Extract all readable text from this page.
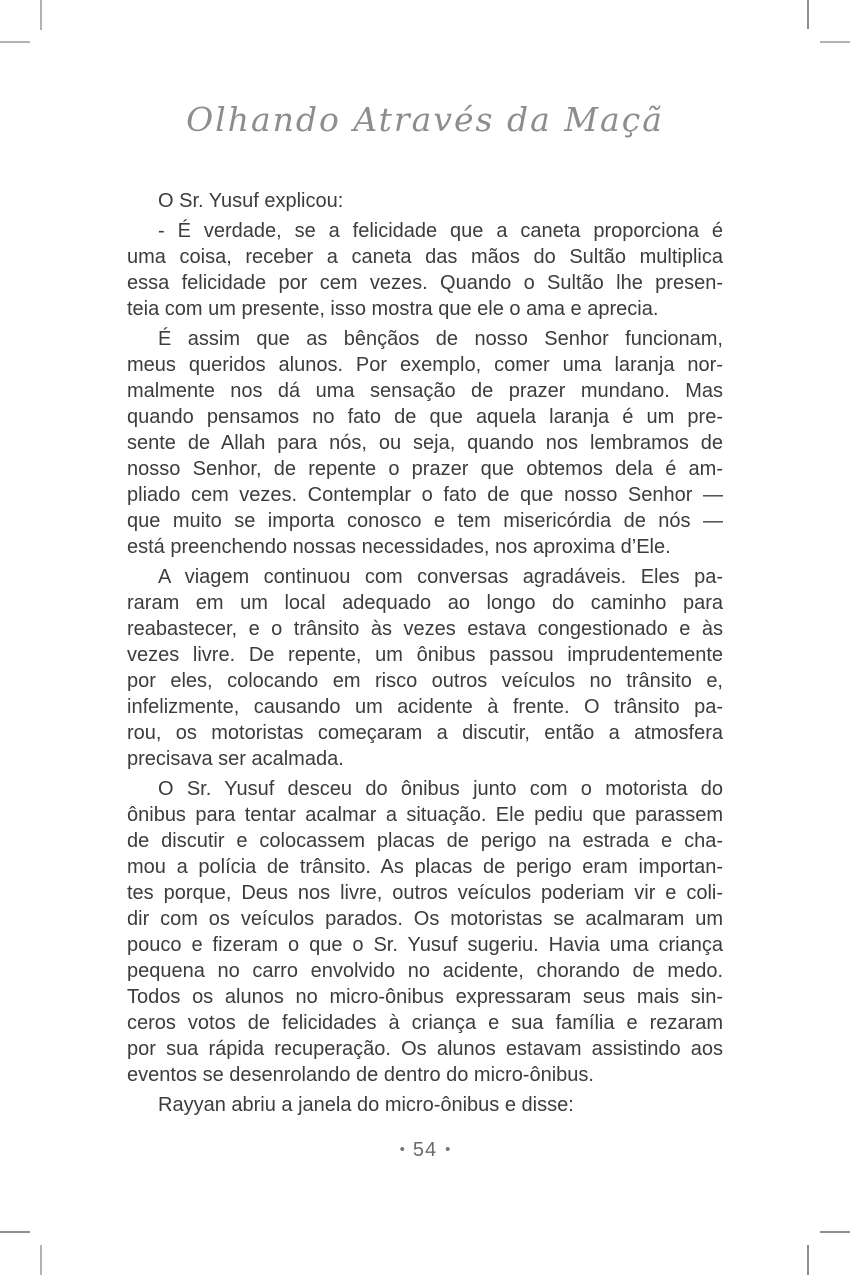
Olhando Através da Maçã

O Sr. Yusuf explicou:

- É verdade, se a felicidade que a caneta proporciona é
uma coisa, receber a caneta das mãos do Sultão multiplica
essa felicidade por cem vezes. Quando o Sultão lhe presen-
teia com um presente, isso mostra que ele o ama e aprecia.

É assim que as bênçãos de nosso Senhor funcionam,
meus queridos alunos. Por exemplo, comer uma laranja nor-
malmente nos dá uma sensação de prazer mundano. Mas
quando pensamos no fato de que aquela laranja é um pre-
sente de Allah para nós, ou seja, quando nos lembramos de
nosso Senhor, de repente o prazer que obtemos dela é am-
pliado cem vezes. Contemplar o fato de que nosso Senhor —
que muito se importa conosco e tem misericórdia de nós —
está preenchendo nossas necessidades, nos aproxima d’Ele.

A viagem continuou com conversas agradáveis. Eles pa-
raram em um local adequado ao longo do caminho para
reabastecer, e o trânsito às vezes estava congestionado e às
vezes livre. De repente, um ônibus passou imprudentemente
por eles, colocando em risco outros veículos no trânsito e,
infelizmente, causando um acidente à frente. O trânsito pa-
rou, os motoristas começaram a discutir, então a atmosfera
precisava ser acalmada.

O Sr. Yusuf desceu do ônibus junto com o motorista do
ônibus para tentar acalmar a situação. Ele pediu que parassem
de discutir e colocassem placas de perigo na estrada e cha-
mou a polícia de trânsito. As placas de perigo eram importan-
tes porque, Deus nos livre, outros veículos poderiam vir e coli-
dir com os veículos parados. Os motoristas se acalmaram um
pouco e fizeram o que o Sr. Yusuf sugeriu. Havia uma criança
pequena no carro envolvido no acidente, chorando de medo.
Todos os alunos no micro-ônibus expressaram seus mais sin-
ceros votos de felicidades à criança e sua família e rezaram
por sua rápida recuperação. Os alunos estavam assistindo aos
eventos se desenrolando de dentro do micro-ônibus.

Rayyan abriu a janela do micro-ônibus e disse:

• 54 •
